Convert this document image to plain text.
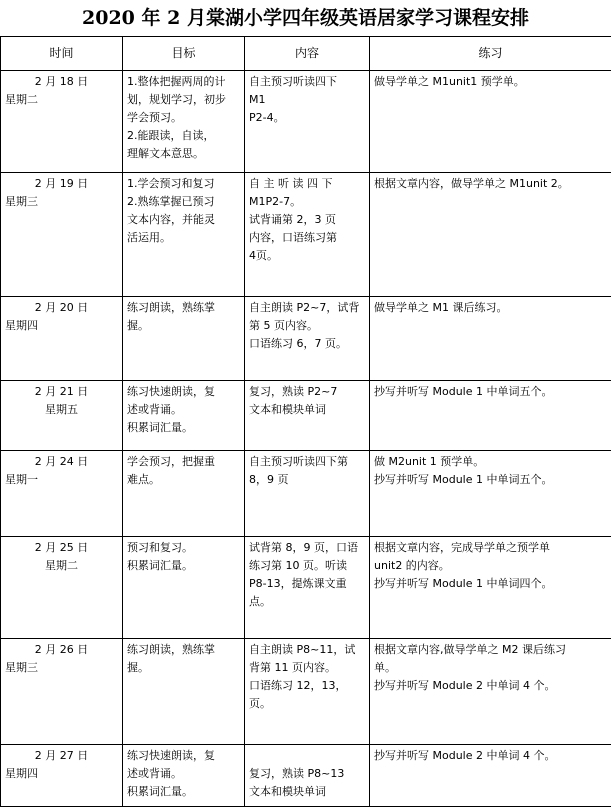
2020 年 2 月棠湖小学四年级英语居家学习课程安排
时间	目标	内容	练习

2 月 18 日
星期二	1.整体把握两周的计
划，规划学习，初步
学会预习。
2.能跟读，自读，
理解文本意思。	自主预习听读四下
M1
P2-4。	做导学单之 M1unit1 预学单。

2 月 19 日
星期三	1.学会预习和复习
2.熟练掌握已预习
文本内容，并能灵
活运用。	自 主 听 读 四 下
M1P2-7。
试背诵第 2，3 页
内容，口语练习第
4页。	根据文章内容，做导学单之 M1unit 2。

2 月 20 日
星期四	练习朗读，熟练掌
握。	自主朗读 P2~7，试背
第 5 页内容。
口语练习 6，7 页。	做导学单之 M1 课后练习。

2 月 21 日
星期五	练习快速朗读，复
述或背诵。
积累词汇量。	复习，熟读 P2~7
文本和模块单词	抄写并听写 Module 1 中单词五个。

2 月 24 日
星期一	学会预习，把握重
难点。	自主预习听读四下第
8，9 页	做 M2unit 1 预学单。
抄写并听写 Module 1 中单词五个。

2 月 25 日
星期二	预习和复习。
积累词汇量。	试背第 8，9 页，口语
练习第 10 页。听读
P8-13，提炼课文重
点。	根据文章内容，完成导学单之预学单
unit2 的内容。
抄写并听写 Module 1 中单词四个。

2 月 26 日
星期三	练习朗读，熟练掌
握。	自主朗读 P8~11，试
背第 11 页内容。
口语练习 12，13，
页。	根据文章内容,做导学单之 M2 课后练习
单。
抄写并听写 Module 2 中单词 4 个。

2 月 27 日
星期四	练习快速朗读，复
述或背诵。
积累词汇量。	复习，熟读 P8~13
文本和模块单词	抄写并听写 Module 2 中单词 4 个。
